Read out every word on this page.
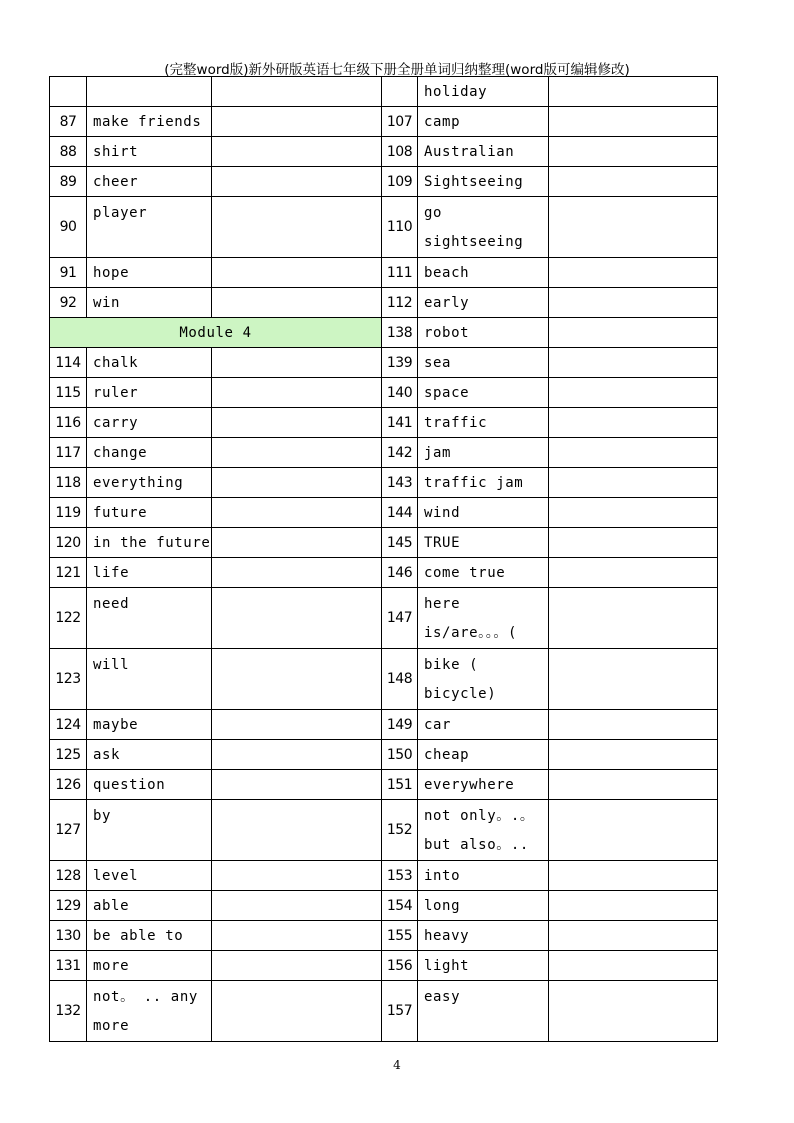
(完整word版)新外研版英语七年级下册全册单词归纳整理(word版可编辑修改)
				holiday	
87	make friends		107	camp	
88	shirt		108	Australian	
89	cheer		109	Sightseeing	
90	player		110	go sightseeing	
91	hope		111	beach	
92	win		112	early	
Module 4			138	robot	
114	chalk		139	sea	
115	ruler		140	space	
116	carry		141	traffic	
117	change		142	jam	
118	everything		143	traffic jam	
119	future		144	wind	
120	in the future		145	TRUE	
121	life		146	come true	
122	need		147	here is/are。。。(	
123	will		148	bike ( bicycle)	
124	maybe		149	car	
125	ask		150	cheap	
126	question		151	everywhere	
127	by		152	not only。.。 but also。..	
128	level		153	into	
129	able		154	long	
130	be able to		155	heavy	
131	more		156	light	
132	not。 .. any more		157	easy	
4
